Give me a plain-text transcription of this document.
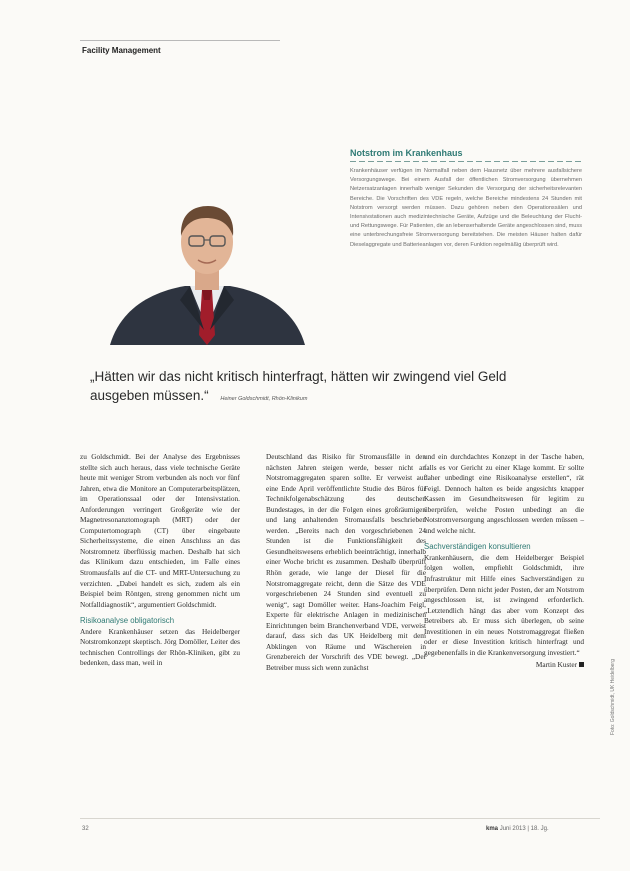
Facility Management
Notstrom im Krankenhaus
Krankenhäuser verfügen im Normalfall neben dem Hausnetz über mehrere ausfallsichere Versorgungswege. Bei einem Ausfall der öffentlichen Stromversorgung übernehmen Netzersatzanlagen innerhalb weniger Sekunden die Versorgung der sicherheitsrelevanten Bereiche. Die Vorschriften des VDE regeln, welche Bereiche mindestens 24 Stunden mit Notstrom versorgt werden müssen. Dazu gehören neben den Operationssälen und Intensivstationen auch medizintechnische Geräte, Aufzüge und die Beleuchtung der Flucht- und Rettungswege. Für Patienten, die an lebenserhaltende Geräte angeschlossen sind, muss eine unterbrechungsfreie Stromversorgung bereitstehen. Die meisten Häuser halten dafür Dieselaggregate und Batterieanlagen vor, deren Funktion regelmäßig überprüft wird.
„Hätten wir das nicht kritisch hinterfragt, hätten wir zwingend viel Geld ausgeben müssen.“ Heiner Goldschmidt, Rhön-Klinikum

zu Goldschmidt. Bei der Analyse des Ergebnisses stellte sich auch heraus, dass viele technische Geräte heute mit weniger Strom verbunden als noch vor fünf Jahren, etwa die Monitore an Computerarbeitsplätzen, im Operationssaal oder der Intensivstation. Anforderungen verringert Großgeräte wie der Magnetresonanztomograph (MRT) oder der Computertomograph (CT) über eingebaute Sicherheitssysteme, die einen Anschluss an das Notstromnetz überflüssig machen. Deshalb hat sich das Klinikum dazu entschieden, im Falle eines Stromausfalls auf die CT- und MRT-Untersuchung zu verzichten. „Dabei handelt es sich, zudem als ein Beispiel beim Röntgen, streng genommen nicht um Notfalldiagnostik“, argumentiert Goldschmidt.

Risikoanalyse obligatorisch

Andere Krankenhäuser setzen das Heidelberger Notstromkonzept skeptisch. Jörg Domöller, Leiter des technischen Controllings der Rhön-Kliniken, gibt zu bedenken, dass man, weil in

Deutschland das Risiko für Stromausfälle in den nächsten Jahren steigen werde, besser nicht an Notstromaggregaten sparen sollte. Er verweist auf eine Ende April veröffentlichte Studie des Büros für Technikfolgenabschätzung des deutschen Bundestages, in der die Folgen eines großräumigen und lang anhaltenden Stromausfalls beschrieben werden. „Bereits nach den vorgeschriebenen 24 Stunden ist die Funktionsfähigkeit des Gesundheitswesens erheblich beeinträchtigt, innerhalb einer Woche bricht es zusammen. Deshalb überprüft Rhön gerade, wie lange der Diesel für die Notstromaggregate reicht, denn die Sätze des VDE vorgeschriebenen 24 Stunden sind eventuell zu wenig“, sagt Domöller weiter. Hans-Joachim Feigl, Experte für elektrische Anlagen in medizinischen Einrichtungen beim Branchenverband VDE, verweist darauf, dass sich das UK Heidelberg mit dem Abklingen von Räume und Wäschereien in Grenzbereich der Vorschrift des VDE bewegt. „Der Betreiber muss sich wenn zunächst

und ein durchdachtes Konzept in der Tasche haben, falls es vor Gericht zu einer Klage kommt. Er sollte daher unbedingt eine Risikoanalyse erstellen“, rät Feigl. Dennoch halten es beide angesichts knapper Kassen im Gesundheitswesen für legitim zu überprüfen, welche Posten unbedingt an die Notstromversorgung angeschlossen werden müssen – und welche nicht.

Sachverständigen konsultieren

Krankenhäusern, die dem Heidelberger Beispiel folgen wollen, empfiehlt Goldschmidt, ihre Infrastruktur mit Hilfe eines Sachverständigen zu überprüfen. Denn nicht jeder Posten, der am Notstrom angeschlossen ist, ist zwingend erforderlich. „Letztendlich hängt das aber vom Konzept des Betreibers ab. Er muss sich überlegen, ob seine Investitionen in ein neues Notstromaggregat fließen oder er diese Investition kritisch hinterfragt und gegebenenfalls in die Krankenversorgung investiert.“

Martin Kuster	Foto: Goldschmidt, UK Heidelberg
32	kma Juni 2013 | 18. Jg.
